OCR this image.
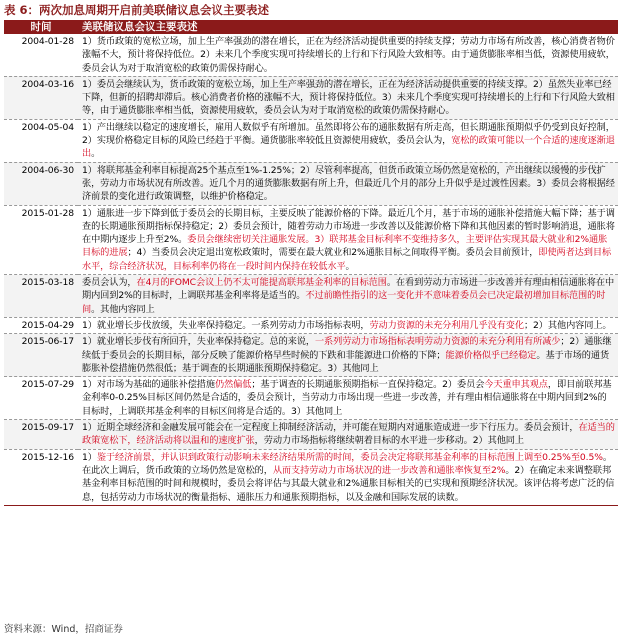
表 6：两次加息周期开启前美联储议息会议主要表述
时间	美联储议息会议主要表述
2004-01-28	1）货币政策的宽松立场，加上生产率强劲的潜在增长，正在为经济活动提供重要的持续支撑；劳动力市场有所改善，核心消费者物价涨幅不大，预计将保持低位。2）未来几个季度实现可持续增长的上行和下行风险大致相等。由于通货膨胀率相当低，资源使用疲软，委员会认为对于取消宽松的政策仍需保持耐心。
2004-03-16	1）委员会继续认为，货币政策的宽松立场，加上生产率强劲的潜在增长，正在为经济活动提供重要的持续支撑。2）虽然失业率已经下降，但新的招聘却滞后。核心消费者价格的涨幅不大，预计将保持低位。3）未来几个季度实现可持续增长的上行和下行风险大致相等，由于通货膨胀率相当低，资源使用疲软，委员会认为对于取消宽松的政策仍需保持耐心。
2004-05-04	1）产出继续以稳定的速度增长，雇用人数似乎有所增加。虽然即将公布的通胀数据有所走高，但长期通胀预期似乎仍受到良好控制，2）实现价格稳定目标的风险已经趋于平衡。通货膨胀率较低且资源使用疲软，委员会认为，宽松的政策可能以一个合适的速度逐渐退出。
2004-06-30	1）将联邦基金利率目标提高25个基点至1%-1.25%；2）尽管利率提高，但货币政策立场仍然是宽松的，产出继续以缓慢的步伐扩张，劳动力市场状况有所改善。近几个月的通货膨胀数据有所上升，但最近几个月的部分上升似乎是过渡性因素。3）委员会将根据经济前景的变化进行政策调整，以维护价格稳定。
2015-01-28	1）通胀进一步下降到低于委员会的长期目标，主要反映了能源价格的下降。最近几个月，基于市场的通胀补偿措施大幅下降；基于调查的长期通胀预期指标保持稳定；2）委员会预计，随着劳动力市场进一步改善以及能源价格下降和其他因素的暂时影响消退，通胀将在中期内逐步上升至2%。委员会继续密切关注通胀发展。3）联邦基金目标利率不变维持多久，主要评估实现其最大就业和2%通胀目标的进展；4）当委员会决定退出宽松政策时，需要在最大就业和2%通胀目标之间取得平衡。委员会目前预计，即使两者达到目标水平，综合经济状况，目标利率仍将在一段时间内保持在较低水平。
2015-03-18	委员会认为，在4月的FOMC会议上仍不太可能提高联邦基金利率的目标范围。在看到劳动力市场进一步改善并有理由相信通胀将在中期内回到2%的目标时，上调联邦基金利率将是适当的。不过前瞻性指引的这一变化并不意味着委员会已决定最初增加目标范围的时间。其他内容同上
2015-04-29	1）就业增长步伐放缓，失业率保持稳定。一系列劳动力市场指标表明，劳动力资源的未充分利用几乎没有变化；2）其他内容同上。
2015-06-17	1）就业增长步伐有所回升，失业率保持稳定。总的来说，一系列劳动力市场指标表明劳动力资源的未充分利用有所减少；2）通胀继续低于委员会的长期目标，部分反映了能源价格早些时候的下跌和非能源进口价格的下降；能源价格似乎已经稳定。基于市场的通货膨胀补偿措施仍然很低；基于调查的长期通胀预期保持稳定。3）其他同上
2015-07-29	1）对市场为基础的通胀补偿措施仍然偏低；基于调查的长期通胀预期指标一直保持稳定。2）委员会今天重申其观点，即目前联邦基金利率0-0.25%目标区间仍然是合适的，委员会预计，当劳动力市场出现一些进一步改善，并有理由相信通胀将在中期内回到2%的目标时，上调联邦基金利率的目标区间将是合适的。3）其他同上
2015-09-17	1）近期全球经济和金融发展可能会在一定程度上抑制经济活动，并可能在短期内对通胀造成进一步下行压力。委员会预计，在适当的政策宽松下，经济活动将以温和的速度扩张，劳动力市场指标将继续朝着目标的水平进一步移动。2）其他同上
2015-12-16	1）鉴于经济前景，并认识到政策行动影响未来经济结果所需的时间，委员会决定将联邦基金利率的目标范围上调至0.25%至0.5%。在此次上调后，货币政策的立场仍然是宽松的，从而支持劳动力市场状况的进一步改善和通胀率恢复至2%。2）在确定未来调整联邦基金利率目标范围的时间和规模时，委员会将评估与其最大就业和2%通胀目标相关的已实现和预期经济状况。该评估将考虑广泛的信息，包括劳动力市场状况的衡量指标、通胀压力和通胀预期指标，以及金融和国际发展的读数。
资料来源：Wind，招商证券
